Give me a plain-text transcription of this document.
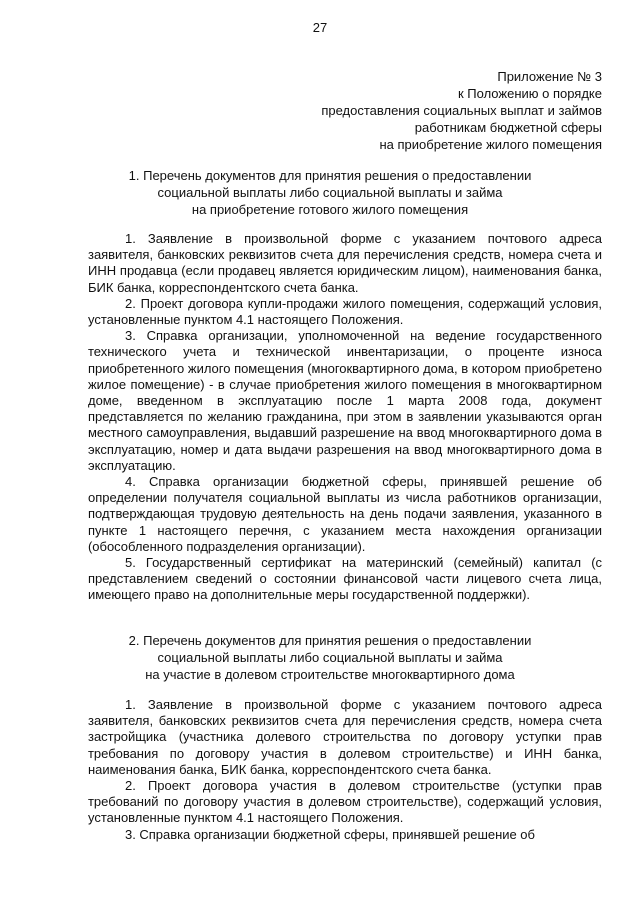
27
Приложение № 3
к Положению о порядке
предоставления социальных выплат и займов
работникам бюджетной сферы
на приобретение жилого помещения
1. Перечень документов для принятия решения о предоставлении
социальной выплаты либо социальной выплаты и займа
на приобретение готового жилого помещения

1. Заявление в произвольной форме с указанием почтового адреса заявителя, банковских реквизитов счета для перечисления средств, номера счета и ИНН продавца (если продавец является юридическим лицом), наименования банка, БИК банка, корреспондентского счета банка.

2. Проект договора купли-продажи жилого помещения, содержащий условия, установленные пунктом 4.1 настоящего Положения.

3. Справка организации, уполномоченной на ведение государственного технического учета и технической инвентаризации, о проценте износа приобретенного жилого помещения (многоквартирного дома, в котором приобретено жилое помещение) - в случае приобретения жилого помещения в многоквартирном доме, введенном в эксплуатацию после 1 марта 2008 года, документ представляется по желанию гражданина, при этом в заявлении указываются орган местного самоуправления, выдавший разрешение на ввод многоквартирного дома в эксплуатацию, номер и дата выдачи разрешения на ввод многоквартирного дома в эксплуатацию.

4. Справка организации бюджетной сферы, принявшей решение об определении получателя социальной выплаты из числа работников организации, подтверждающая трудовую деятельность на день подачи заявления, указанного в пункте 1 настоящего перечня, с указанием места нахождения организации (обособленного подразделения организации).

5. Государственный сертификат на материнский (семейный) капитал (с представлением сведений о состоянии финансовой части лицевого счета лица, имеющего право на дополнительные меры государственной поддержки).

2. Перечень документов для принятия решения о предоставлении
социальной выплаты либо социальной выплаты и займа
на участие в долевом строительстве многоквартирного дома

1. Заявление в произвольной форме с указанием почтового адреса заявителя, банковских реквизитов счета для перечисления средств, номера счета застройщика (участника долевого строительства по договору уступки прав требования по договору участия в долевом строительстве) и ИНН банка, наименования банка, БИК банка, корреспондентского счета банка.

2. Проект договора участия в долевом строительстве (уступки прав требований по договору участия в долевом строительстве), содержащий условия, установленные пунктом 4.1 настоящего Положения.

3. Справка организации бюджетной сферы, принявшей решение об
